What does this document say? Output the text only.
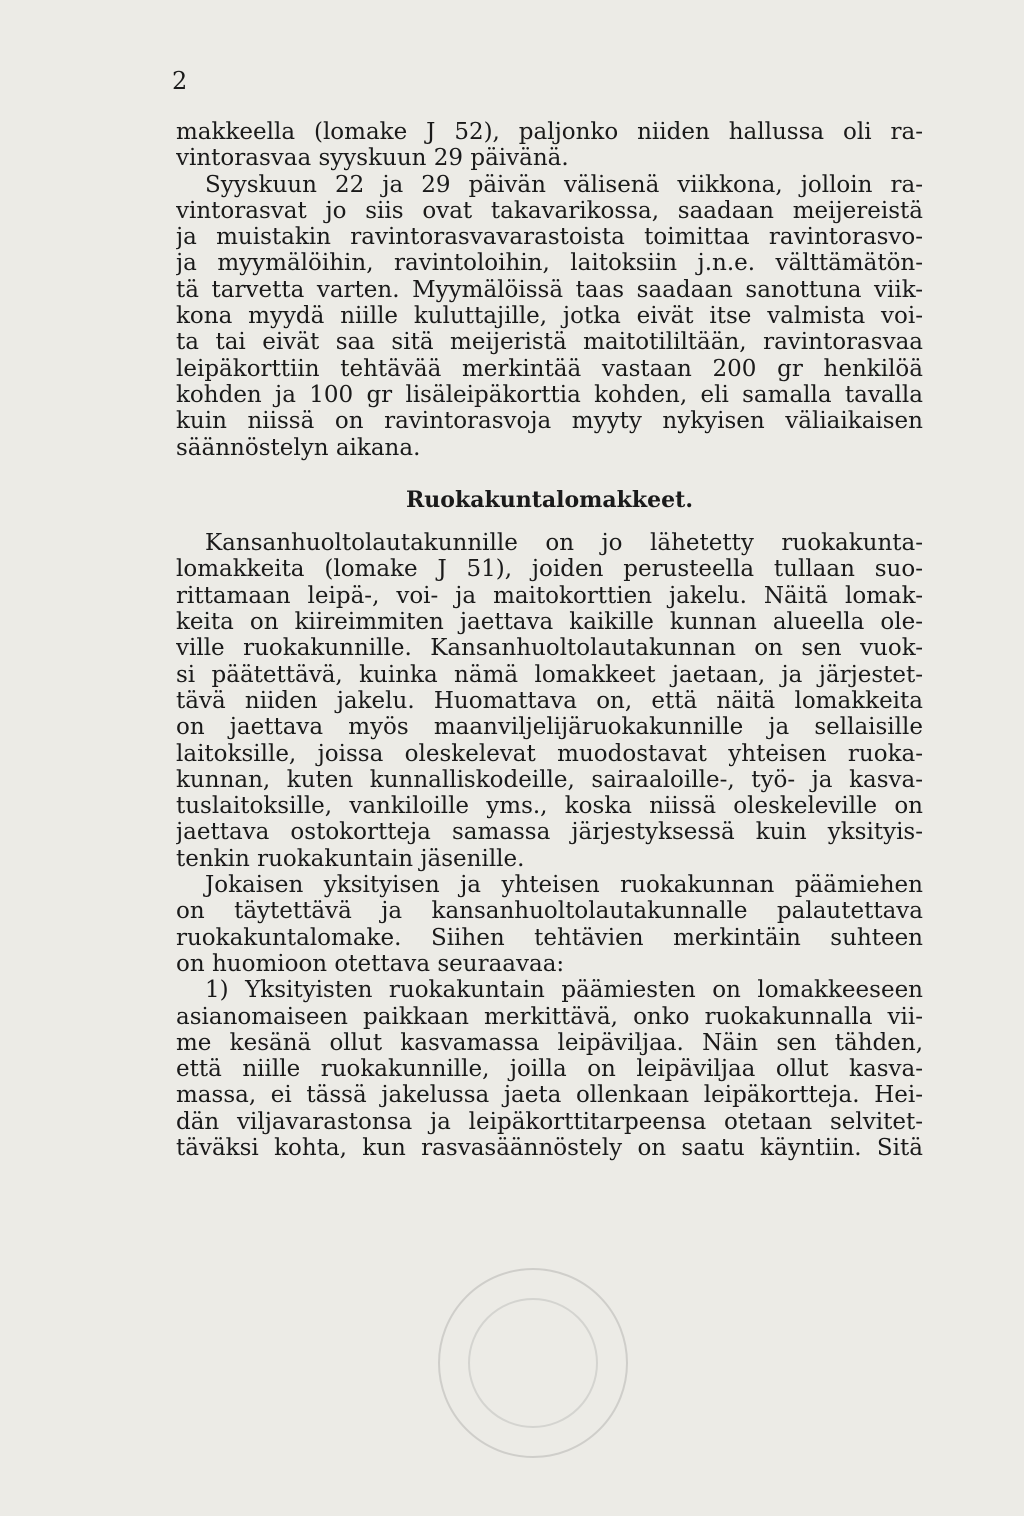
2
makkeella (lomake J 52), paljonko niiden hallussa oli ra-
vintorasvaa syyskuun 29 päivänä.
Syyskuun 22 ja 29 päivän välisenä viikkona, jolloin ra-
vintorasvat jo siis ovat takavarikossa, saadaan meijereistä
ja muistakin ravintorasvavarastoista toimittaa ravintorasvo-
ja myymälöihin, ravintoloihin, laitoksiin j.n.e. välttämätön-
tä tarvetta varten. Myymälöissä taas saadaan sanottuna viik-
kona myydä niille kuluttajille, jotka eivät itse valmista voi-
ta tai eivät saa sitä meijeristä maitotililtään, ravintorasvaa
leipäkorttiin tehtävää merkintää vastaan 200 gr henkilöä
kohden ja 100 gr lisäleipäkorttia kohden, eli samalla tavalla
kuin niissä on ravintorasvoja myyty nykyisen väliaikaisen
säännöstelyn aikana.
Ruokakuntalomakkeet.
Kansanhuoltolautakunnille on jo lähetetty ruokakunta-
lomakkeita (lomake J 51), joiden perusteella tullaan suo-
rittamaan leipä-, voi- ja maitokorttien jakelu. Näitä lomak-
keita on kiireimmiten jaettava kaikille kunnan alueella ole-
ville ruokakunnille. Kansanhuoltolautakunnan on sen vuok-
si päätettävä, kuinka nämä lomakkeet jaetaan, ja järjestet-
tävä niiden jakelu. Huomattava on, että näitä lomakkeita
on jaettava myös maanviljelijäruokakunnille ja sellaisille
laitoksille, joissa oleskelevat muodostavat yhteisen ruoka-
kunnan, kuten kunnalliskodeille, sairaaloille-, työ- ja kasva-
tuslaitoksille, vankiloille yms., koska niissä oleskeleville on
jaettava ostokortteja samassa järjestyksessä kuin yksityis-
tenkin ruokakuntain jäsenille.
Jokaisen yksityisen ja yhteisen ruokakunnan päämiehen
on täytettävä ja kansanhuoltolautakunnalle palautettava
ruokakuntalomake. Siihen tehtävien merkintäin suhteen
on huomioon otettava seuraavaa:
1) Yksityisten ruokakuntain päämiesten on lomakkeeseen
asianomaiseen paikkaan merkittävä, onko ruokakunnalla vii-
me kesänä ollut kasvamassa leipäviljaa. Näin sen tähden,
että niille ruokakunnille, joilla on leipäviljaa ollut kasva-
massa, ei tässä jakelussa jaeta ollenkaan leipäkortteja. Hei-
dän viljavarastonsa ja leipäkorttitarpeensa otetaan selvitet-
täväksi kohta, kun rasvasäännöstely on saatu käyntiin. Sitä
